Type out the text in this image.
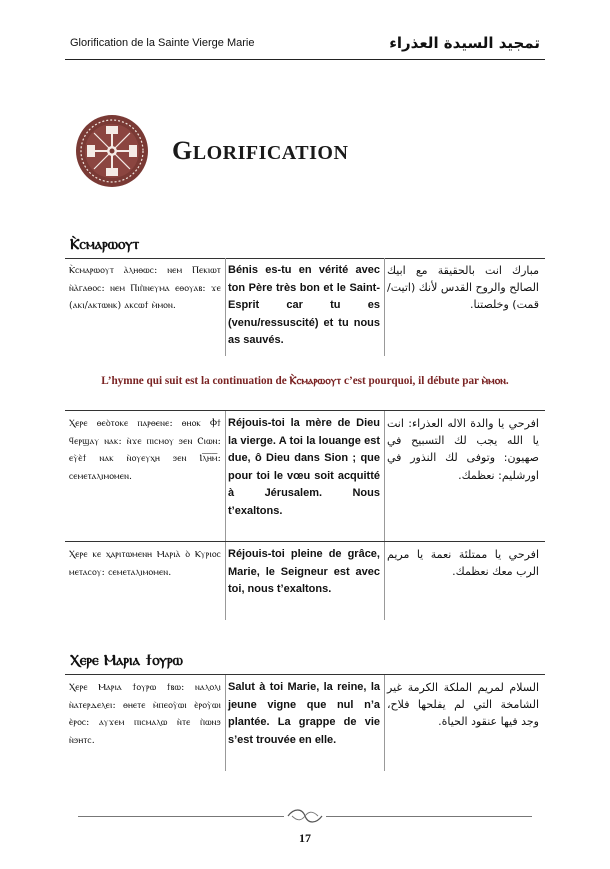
Glorification de la Sainte Vierge Marie	تمجيد السيدة العذراء
GLORIFICATION
Ⲕ̀ⲥⲙⲁⲣⲱⲟⲩⲧ
Ⲕ̀ⲥⲙⲁⲣⲱⲟⲩⲧ ⲁ̀ⲗⲏⲑⲱⲥ: ⲛⲉⲙ Ⲡⲉⲕⲓⲱⲧ ⲛ̀ⲁ̀ⲅⲁⲑⲟⲥ: ⲛⲉⲙ Ⲡⲓⲡ̀ⲛⲉⲩⲙⲁ ⲉⲑⲟⲩⲁⲃ: ϫⲉ (ⲁⲕⲓ/ⲁⲕⲧⲱⲛⲕ) ⲁⲕⲥⲱϯ ⲙ̀ⲙⲟⲛ.
Bénis es-tu en vérité avec ton Père très bon et le Saint-Esprit car tu es (venu/ressuscité) et tu nous as sauvés.
مبارك انت بالحقيقة مع ابيك الصالح والروح القدس لأنك (اتيت/قمت) وخلصتنا.
L’hymne qui suit est la continuation de Ⲕ̀ⲥⲙⲁⲣⲱⲟⲩⲧ c’est pourquoi, il débute par ⲙ̀ⲙⲟⲛ.
Ⲭⲉⲣⲉ ⲑⲉⲟ̀ⲧⲟⲕⲉ ⲡⲁⲣⲑⲉⲛⲉ: ⲑⲏⲟⲕ Ⲫϯ ϥⲉⲣϣⲁⲩ ⲛⲁⲕ: ⲛ̀ϫⲉ ⲡⲓⲥⲙⲟⲩ ϧⲉⲛ Ⲥⲓⲱⲛ: ⲉⲩ̀ⲉ̀ϯ ⲛⲁⲕ ⲛ̀ⲟⲩⲉⲩⲭⲏ ϧⲉⲛ Ⲓⲗ̅ⲏ̅ⲙ̅: ⲥⲉⲙⲉⲧⲁⲗⲓⲙⲟⲙⲉⲛ.
Réjouis-toi la mère de Dieu la vierge. A toi la louange est due, ô Dieu dans Sion ; que pour toi le vœu soit acquitté à Jérusalem. Nous t’exaltons.
افرحي يا والدة الاله العذراء: انت يا الله يجب لك التسبيح في صهيون: وتوفى لك النذور في اورشليم: نعظمك.
Ⲭⲉⲣⲉ ⲕⲉ ⲭⲁⲣⲓⲧⲱⲙⲉⲛⲏ Ⲙⲁⲣⲓⲁ̀ ⲟ̀ Ⲕⲩⲣⲓⲟⲥ ⲙⲉⲧⲁⲥⲟⲩ: ⲥⲉⲙⲉⲧⲁⲗⲓⲙⲟⲙⲉⲛ.
Réjouis-toi pleine de grâce, Marie, le Seigneur est avec toi, nous t’exaltons.
افرحي يا ممتلئة نعمة يا مريم الرب معك نعظمك.
Ⲭⲉⲣⲉ Ⲙⲁⲣⲓⲁ ϯⲟⲩⲣⲱ
Ⲭⲉⲣⲉ Ⲙⲁⲣⲓⲁ ϯⲟⲩⲣⲱ ϯⲃⲱ: ⲛⲁⲗⲟⲗⲓ ⲛ̀ⲁⲧⲉⲣⲇⲉⲗⲉⲓ: ⲑⲏⲉⲧⲉ ⲙ̀ⲡⲉⲟⲩ̀ⲱⲓ ⲉ̀ⲣⲟⲩ̀ⲱⲓ ⲉ̀ⲣⲟⲥ: ⲁⲩϫⲉⲙ ⲡⲓⲥⲙⲁⲗⲱ ⲛ̀ⲧⲉ ⲡ̀ⲱⲛϧ ⲛ̀ϧⲏⲧⲥ.
Salut à toi Marie, la reine, la jeune vigne que nul n’a plantée. La grappe de vie s’est trouvée en elle.
السلام لمريم الملكة الكرمة غير الشامخة التي لم يفلحها فلاح، وجد فيها عنقود الحياة.
17
